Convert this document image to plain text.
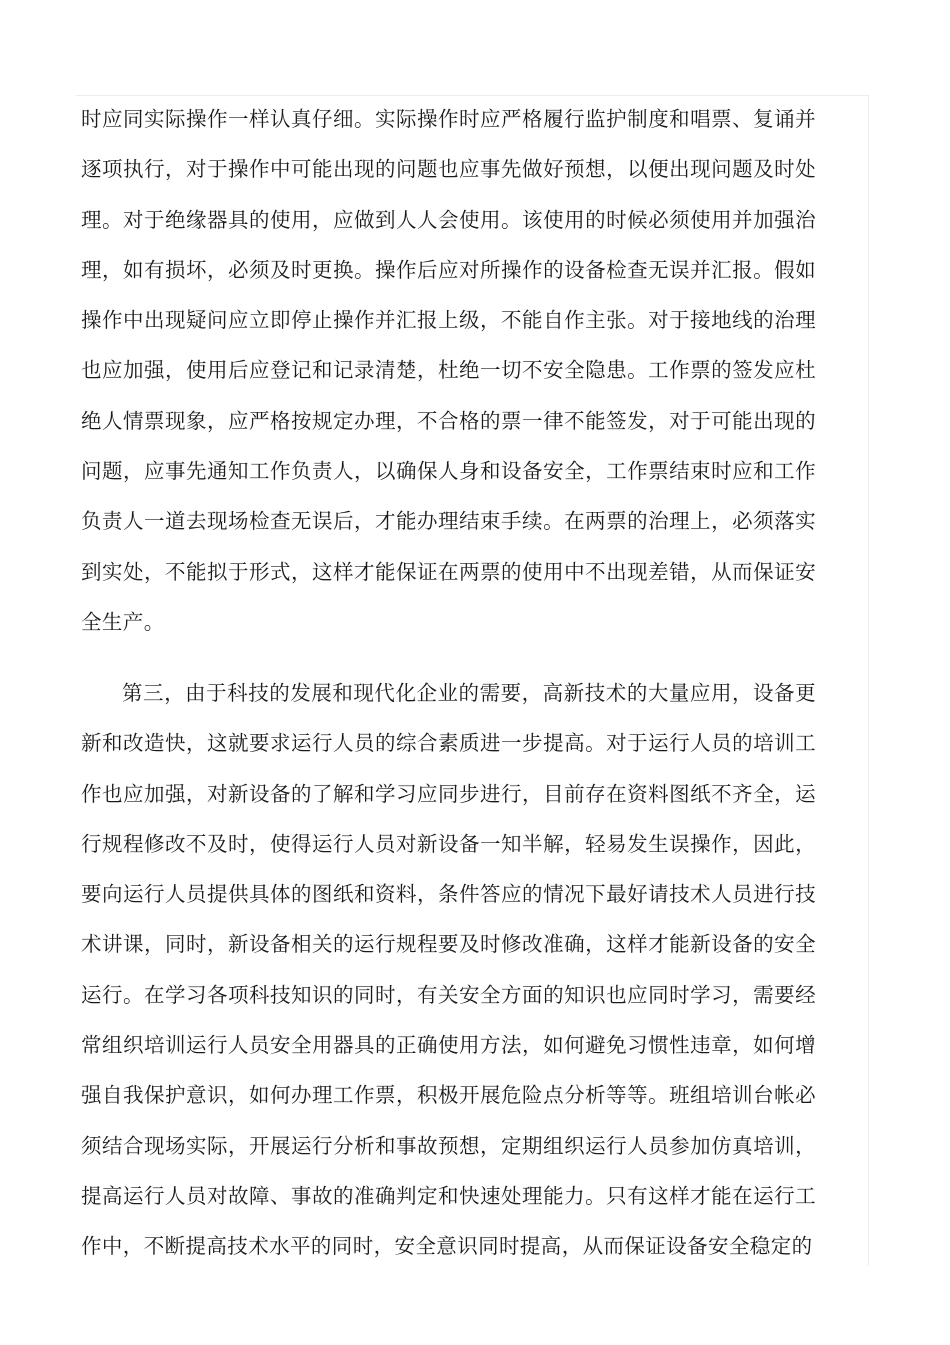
时应同实际操作一样认真仔细。实际操作时应严格履行监护制度和唱票、复诵并逐项执行，对于操作中可能出现的问题也应事先做好预想，以便出现问题及时处理。对于绝缘器具的使用，应做到人人会使用。该使用的时候必须使用并加强治理，如有损坏，必须及时更换。操作后应对所操作的设备检查无误并汇报。假如操作中出现疑问应立即停止操作并汇报上级，不能自作主张。对于接地线的治理也应加强，使用后应登记和记录清楚，杜绝一切不安全隐患。工作票的签发应杜绝人情票现象，应严格按规定办理，不合格的票一律不能签发，对于可能出现的问题，应事先通知工作负责人，以确保人身和设备安全，工作票结束时应和工作负责人一道去现场检查无误后，才能办理结束手续。在两票的治理上，必须落实到实处，不能拟于形式，这样才能保证在两票的使用中不出现差错，从而保证安全生产。

第三，由于科技的发展和现代化企业的需要，高新技术的大量应用，设备更新和改造快，这就要求运行人员的综合素质进一步提高。对于运行人员的培训工作也应加强，对新设备的了解和学习应同步进行，目前存在资料图纸不齐全，运行规程修改不及时，使得运行人员对新设备一知半解，轻易发生误操作，因此，要向运行人员提供具体的图纸和资料，条件答应的情况下最好请技术人员进行技术讲课，同时，新设备相关的运行规程要及时修改准确，这样才能新设备的安全运行。在学习各项科技知识的同时，有关安全方面的知识也应同时学习，需要经常组织培训运行人员安全用器具的正确使用方法，如何避免习惯性违章，如何增强自我保护意识，如何办理工作票，积极开展危险点分析等等。班组培训台帐必须结合现场实际，开展运行分析和事故预想，定期组织运行人员参加仿真培训，提高运行人员对故障、事故的准确判定和快速处理能力。只有这样才能在运行工作中，不断提高技术水平的同时，安全意识同时提高，从而保证设备安全稳定的
